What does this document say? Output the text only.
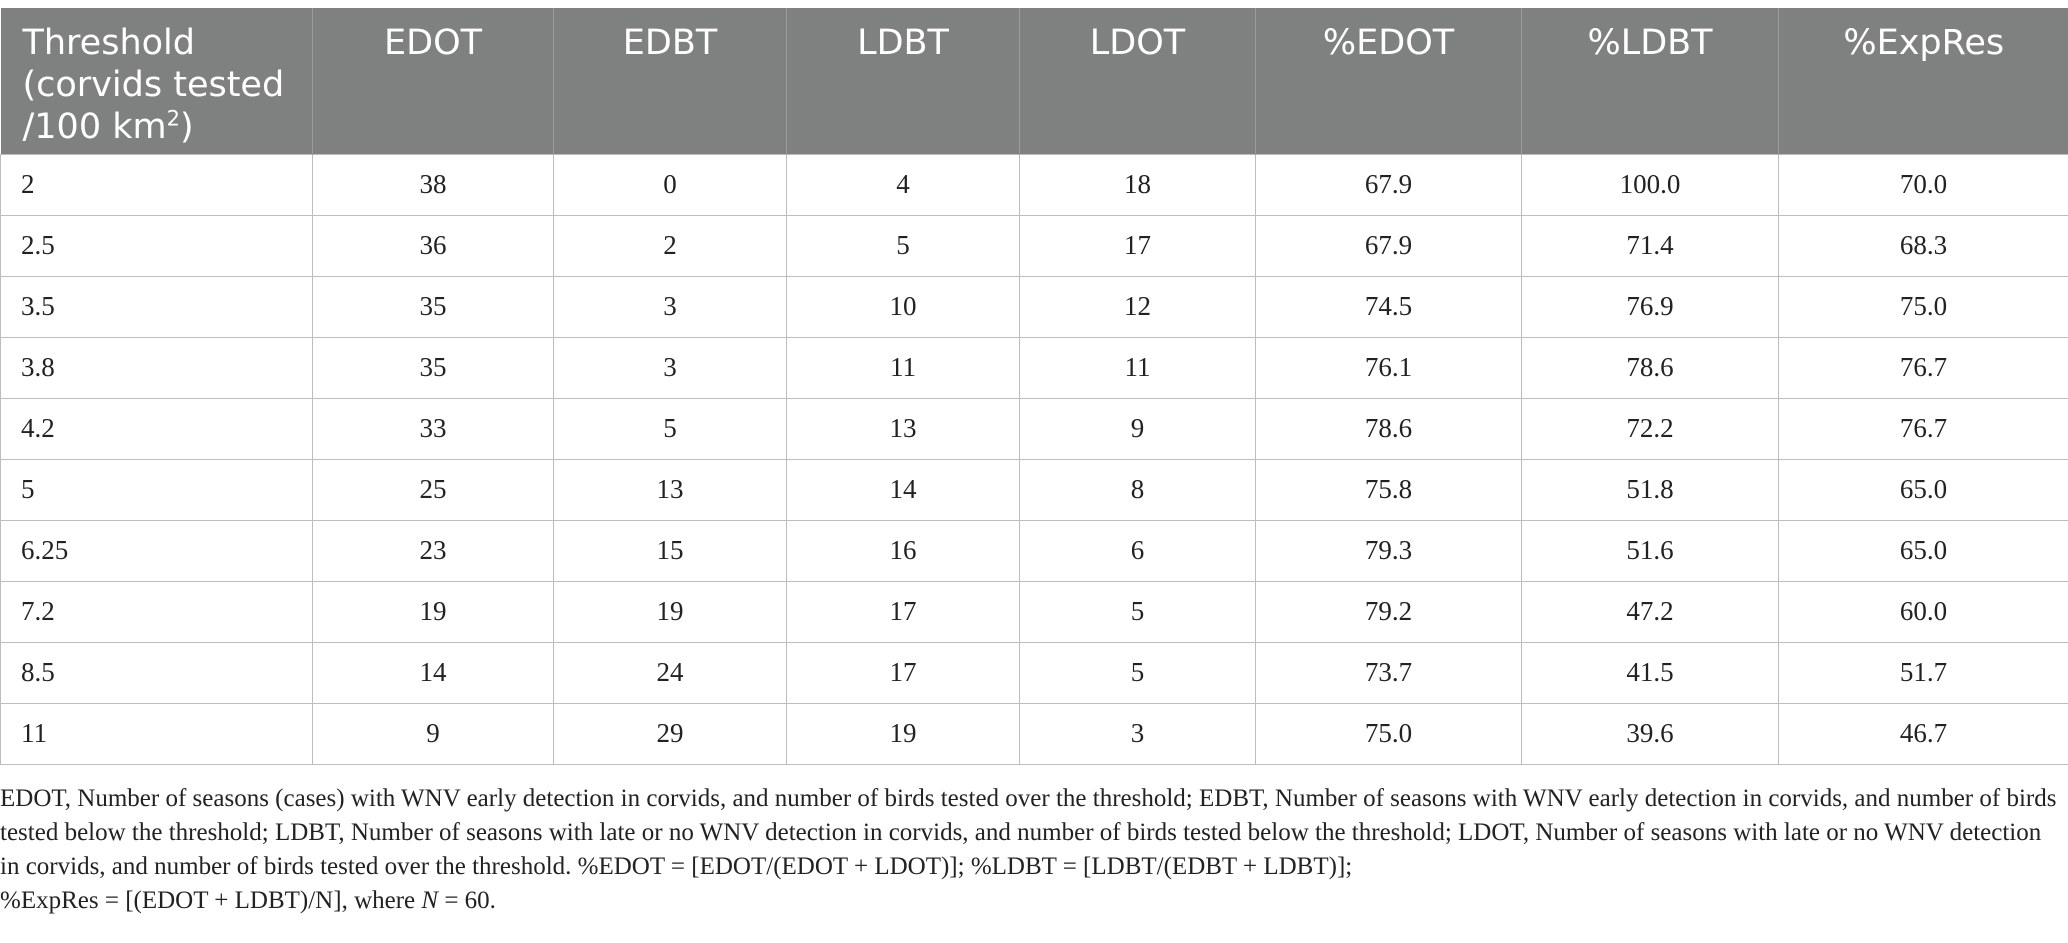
Threshold
(corvids tested
/100 $km^2$)	EDOT	EDBT	LDBT	LDOT	%EDOT	%LDBT	%ExpRes
2	38	0	4	18	67.9	100.0	70.0
2.5	36	2	5	17	67.9	71.4	68.3
3.5	35	3	10	12	74.5	76.9	75.0
3.8	35	3	11	11	76.1	78.6	76.7
4.2	33	5	13	9	78.6	72.2	76.7
5	25	13	14	8	75.8	51.8	65.0
6.25	23	15	16	6	79.3	51.6	65.0
7.2	19	19	17	5	79.2	47.2	60.0
8.5	14	24	17	5	73.7	41.5	51.7
11	9	29	19	3	75.0	39.6	46.7
EDOT, Number of seasons (cases) with WNV early detection in corvids, and number of birds tested over the threshold; EDBT, Number of seasons with WNV early detection in corvids, and number of birds tested below the threshold; LDBT, Number of seasons with late or no WNV detection in corvids, and number of birds tested below the threshold; LDOT, Number of seasons with late or no WNV detection in corvids, and number of birds tested over the threshold. %EDOT = [EDOT/(EDOT + LDOT)]; %LDBT = [LDBT/(EDBT + LDBT)];
%ExpRes = [(EDOT + LDBT)/N], where N = 60.
